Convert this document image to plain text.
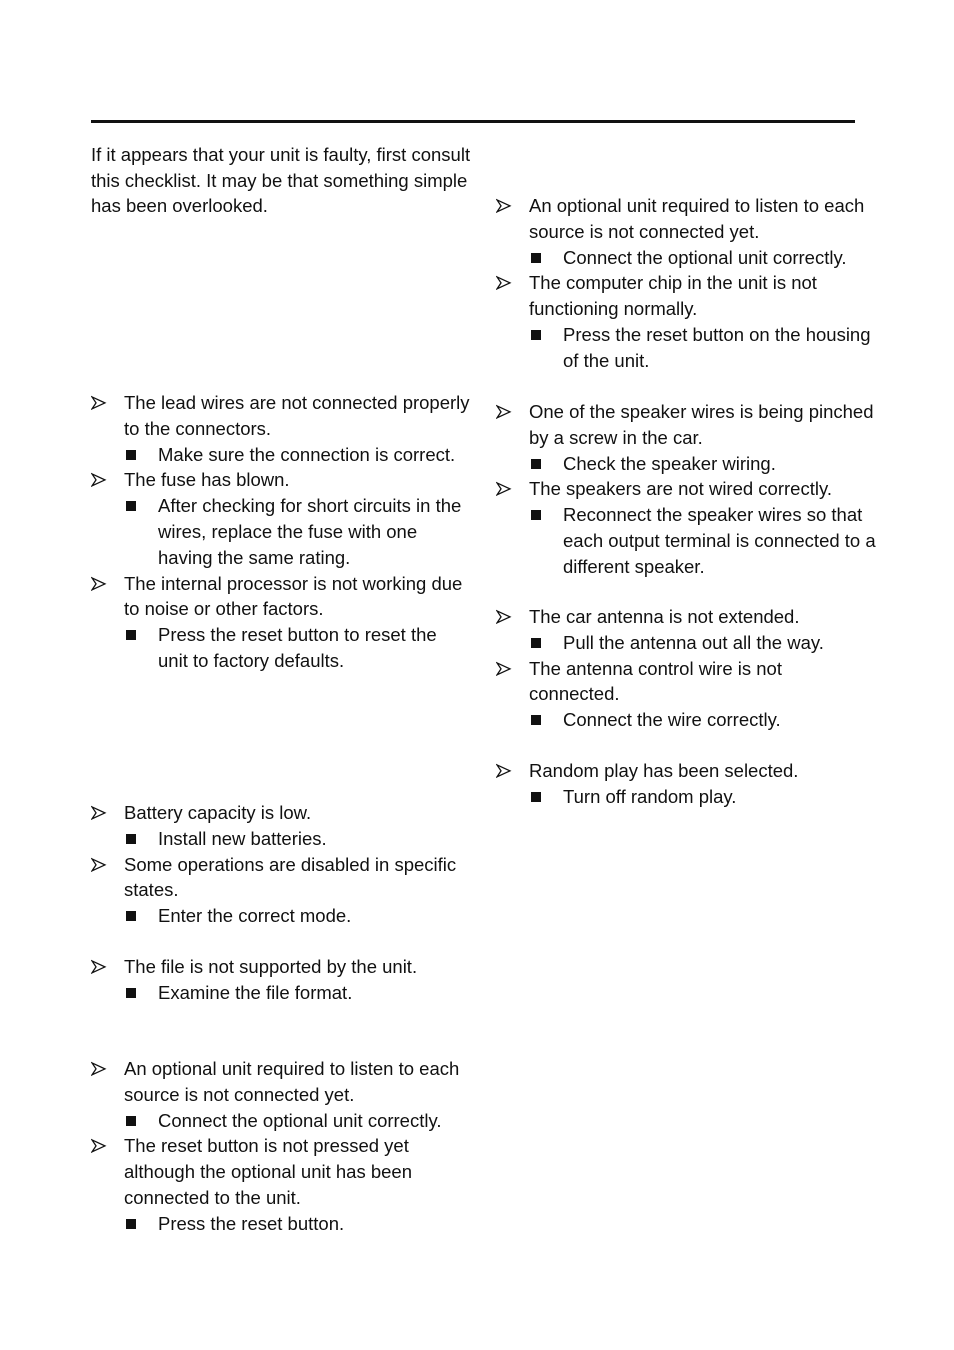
If it appears that your unit is faulty, first consult this checklist. It may be that something simple has been overlooked.

The lead wires are not connected properly to the connectors.
Make sure the connection is correct.
The fuse has blown.
After checking for short circuits in the wires, replace the fuse with one having the same rating.
The internal processor is not working due to noise or other factors.
Press the reset button to reset the unit to factory defaults.
Battery capacity is low.
Install new batteries.
Some operations are disabled in specific states.
Enter the correct mode.
The file is not supported by the unit.
Examine the file format.
An optional unit required to listen to each source is not connected yet.
Connect the optional unit correctly.
The reset button is not pressed yet although the optional unit has been connected to the unit.
Press the reset button.
An optional unit required to listen to each source is not connected yet.
Connect the optional unit correctly.
The computer chip in the unit is not functioning normally.
Press the reset button on the housing of the unit.
One of the speaker wires is being pinched by a screw in the car.
Check the speaker wiring.
The speakers are not wired correctly.
Reconnect the speaker wires so that each output terminal is connected to a different speaker.
The car antenna is not extended.
Pull the antenna out all the way.
The antenna control wire is not connected.
Connect the wire correctly.
Random play has been selected.
Turn off random play.
